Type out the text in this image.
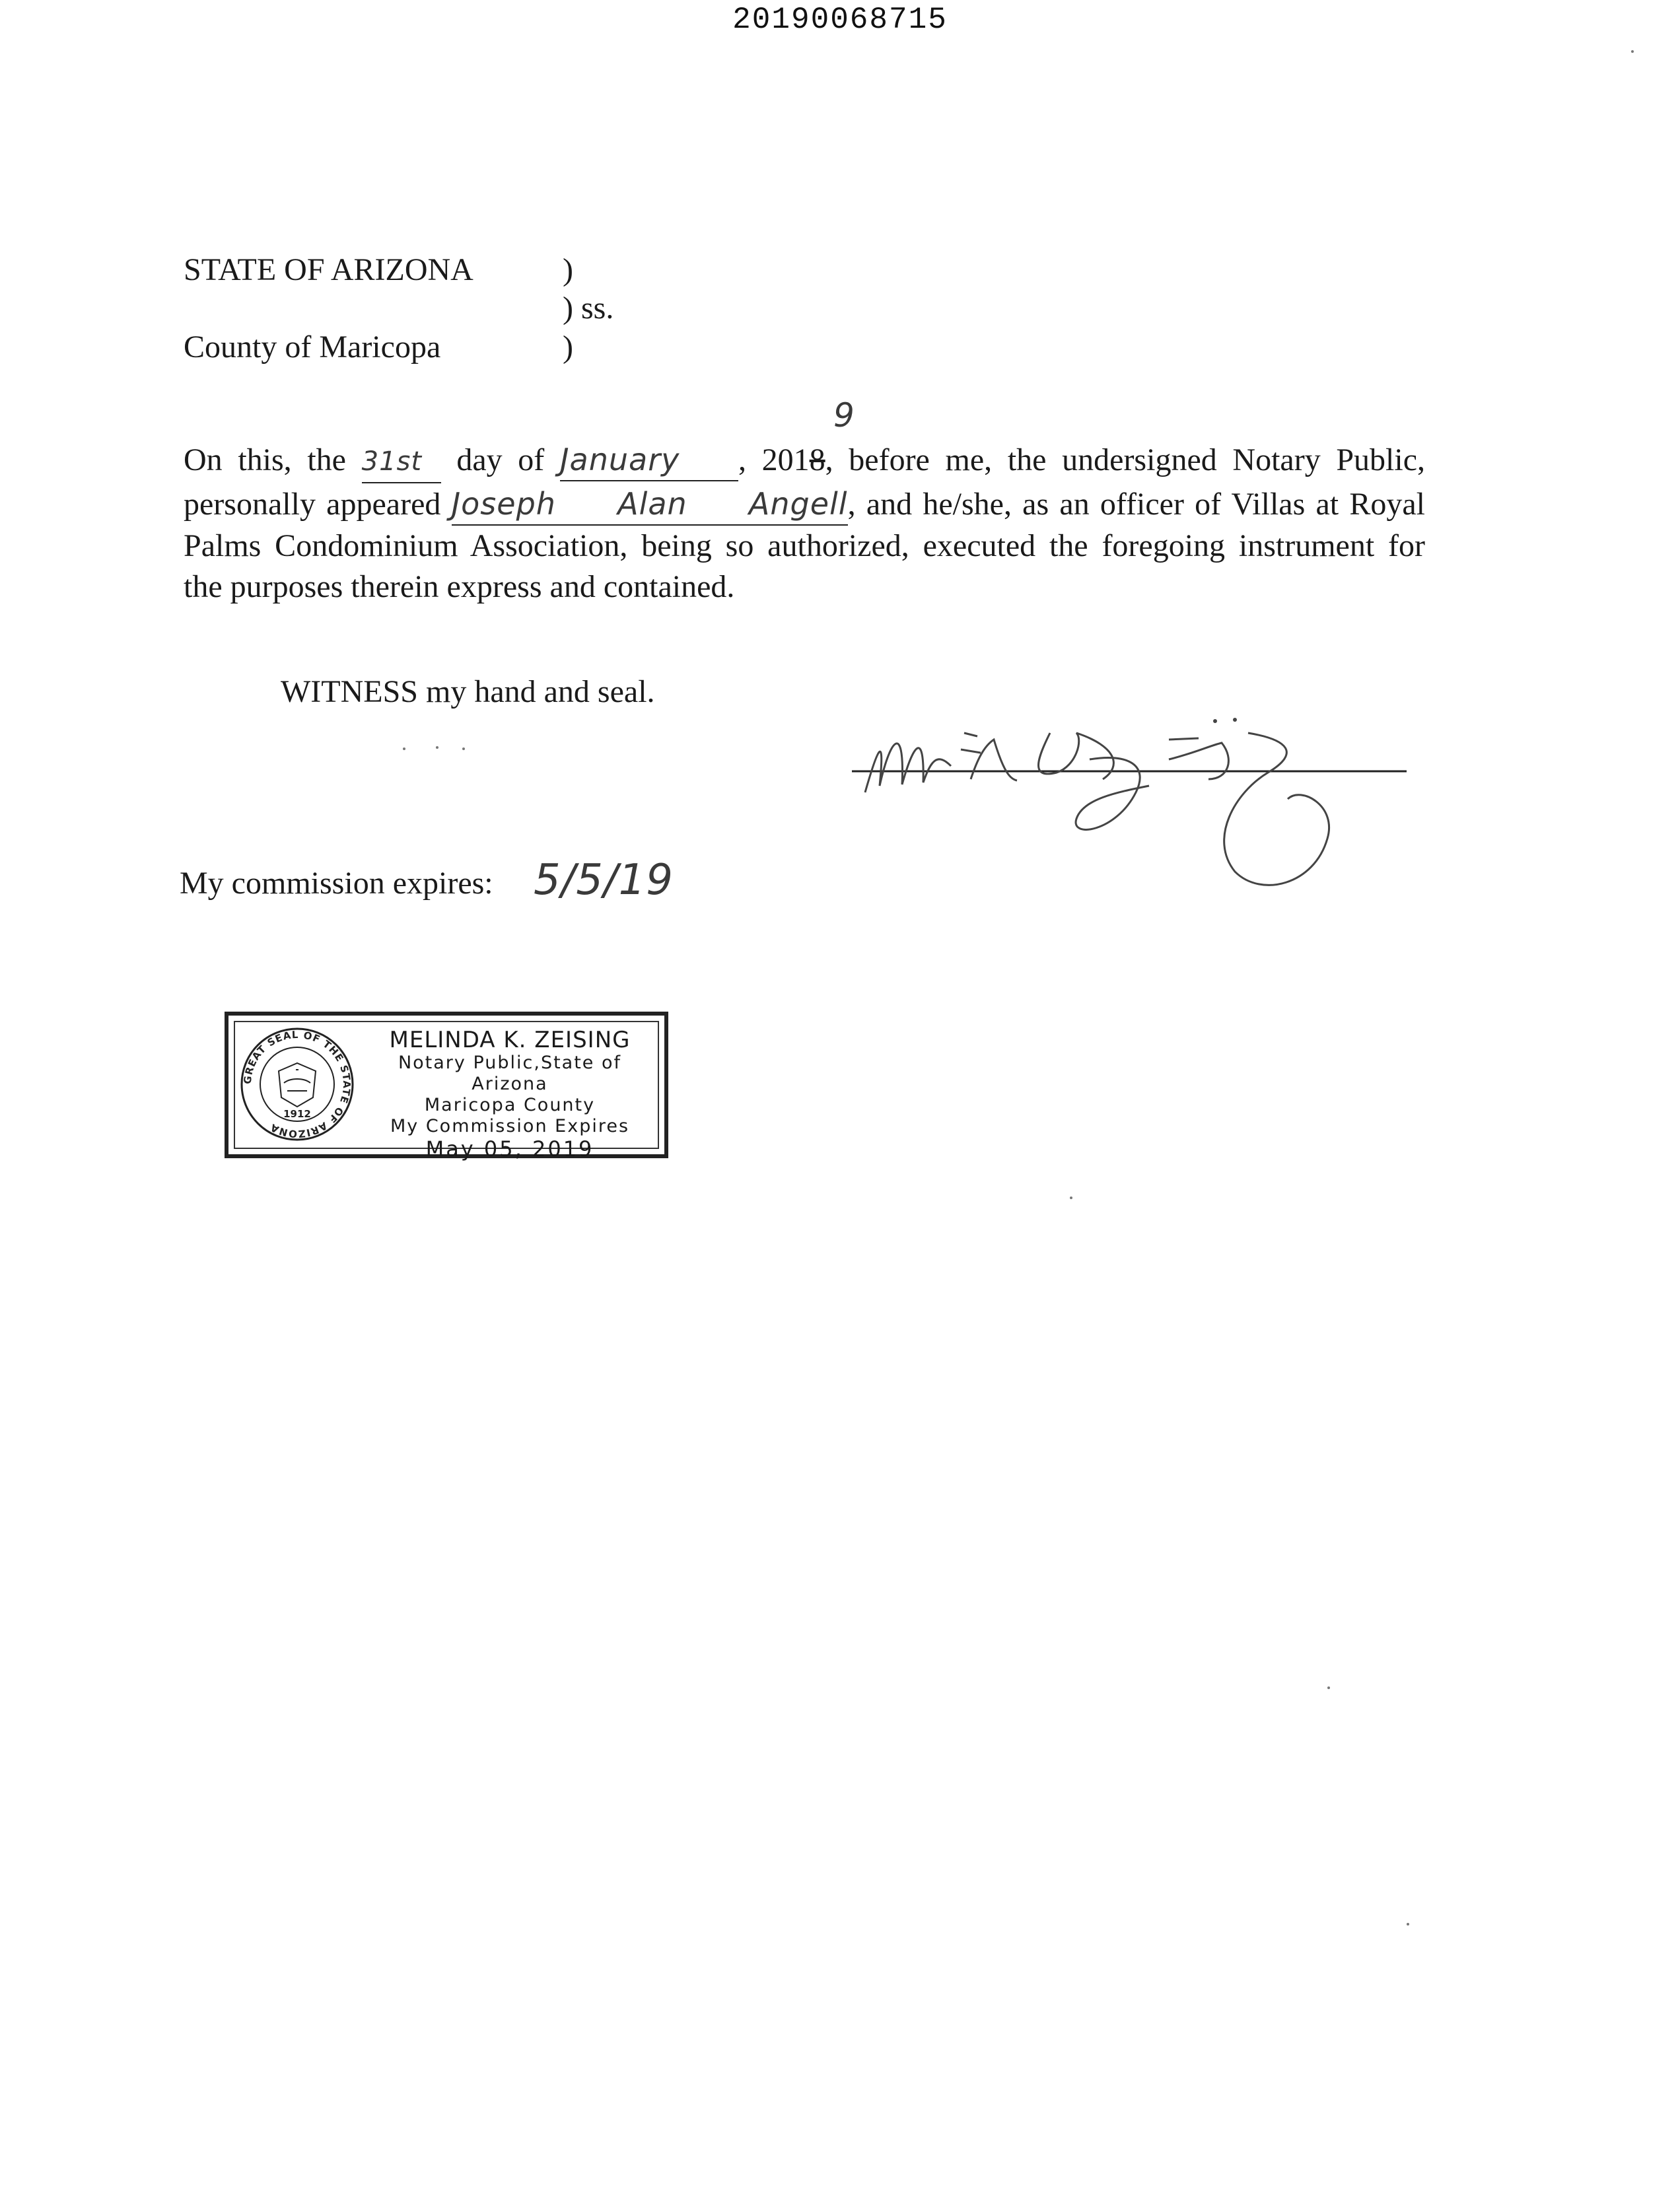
20190068715
STATE OF ARIZONA
County of Maricopa
)
) ss.
)
9
On this, the 31st day of January , 2018, before me, the undersigned Notary Public,
personally appeared Joseph Alan Angell, and he/she, as an officer of Villas at Royal
Palms Condominium Association, being so authorized, executed the foregoing instrument for
the purposes therein express and contained.
WITNESS my hand and seal.
My commission expires: 5/5/19
GREAT SEAL OF THE STATE OF ARIZONA
1912
MELINDA K. ZEISING
Notary Public,State of Arizona
Maricopa County
My Commission Expires
May 05, 2019
